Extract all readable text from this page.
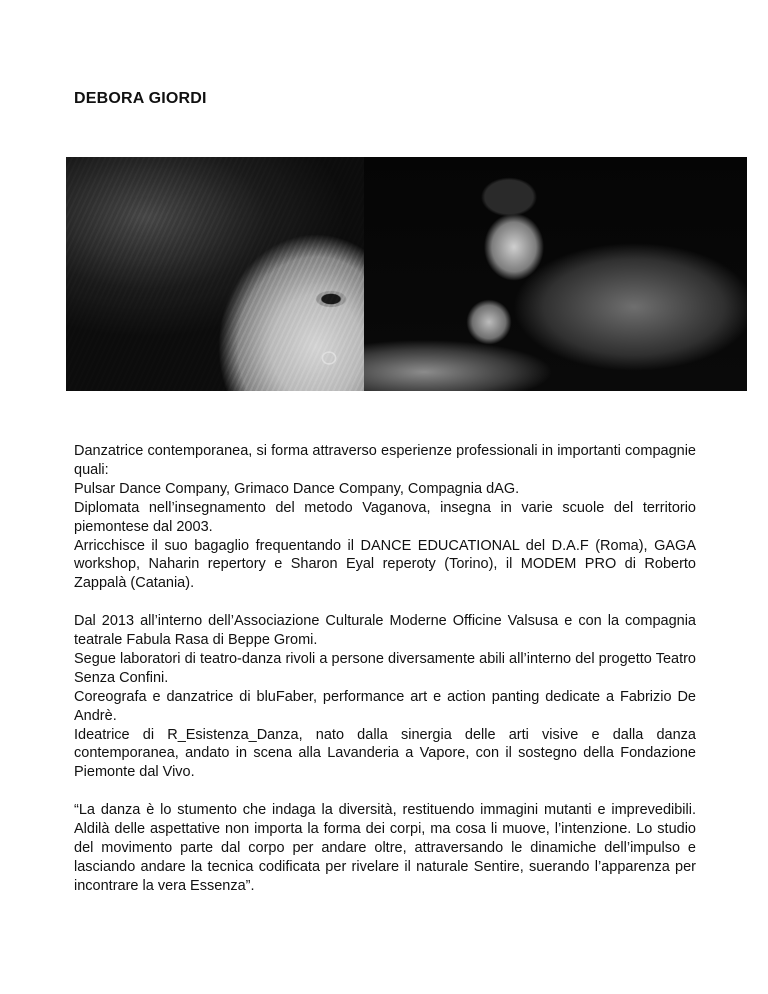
DEBORA GIORDI

Danzatrice contemporanea, si forma attraverso esperienze professionali in importanti compagnie quali:
Pulsar Dance Company, Grimaco Dance Company, Compagnia dAG.
Diplomata nell’insegnamento del metodo Vaganova, insegna in varie scuole del territorio piemontese dal 2003.
Arricchisce il suo bagaglio frequentando il DANCE EDUCATIONAL del D.A.F (Roma), GAGA workshop, Naharin repertory e Sharon Eyal reperoty (Torino), il MODEM PRO di Roberto Zappalà (Catania).

Dal 2013 all’interno dell’Associazione Culturale Moderne Officine Valsusa e con la compagnia teatrale Fabula Rasa di Beppe Gromi.
Segue laboratori di teatro-danza rivoli a persone diversamente abili all’interno del progetto Teatro Senza Confini.
Coreografa e danzatrice di bluFaber, performance art e action panting dedicate a Fabrizio De Andrè.
Ideatrice di R_Esistenza_Danza, nato dalla sinergia delle arti visive e dalla danza contemporanea, andato in scena alla Lavanderia a Vapore, con il sostegno della Fondazione Piemonte dal Vivo.

“La danza è lo stumento che indaga la diversità, restituendo immagini mutanti e imprevedibili. Aldilà delle aspettative non importa la forma dei corpi, ma cosa li muove, l’intenzione. Lo studio del movimento parte dal corpo per andare oltre, attraversando le dinamiche dell’impulso e lasciando andare la tecnica codificata per rivelare il naturale Sentire, suerando l’apparenza per incontrare la vera Essenza”.
